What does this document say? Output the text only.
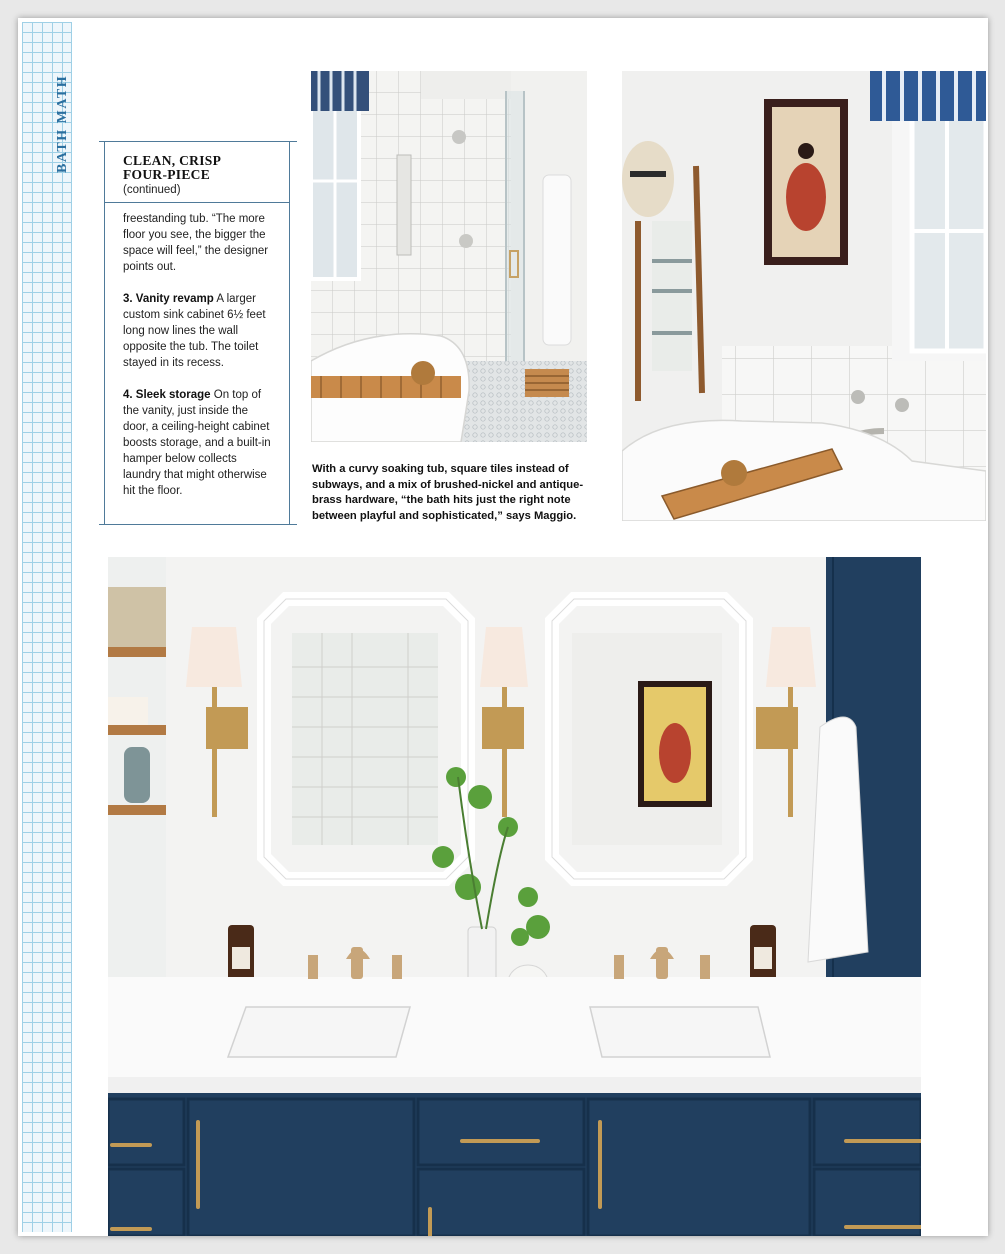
BATH MATH	CLEAN, CRISP FOUR-PIECE
(continued)

freestanding tub. “The more floor you see, the bigger the space will feel,” the designer points out.

3. Vanity revamp A larger custom sink cabinet 6½ feet long now lines the wall opposite the tub. The toilet stayed in its recess.

4. Sleek storage On top of the vanity, just inside the door, a ceiling-height cabinet boosts storage, and a built-in hamper below collects laundry that might otherwise hit the floor.

With a curvy soaking tub, square tiles instead of subways, and a mix of brushed-nickel and antique-brass hardware, “the bath hits just the right note between playful and sophisticated,” says Maggio.
